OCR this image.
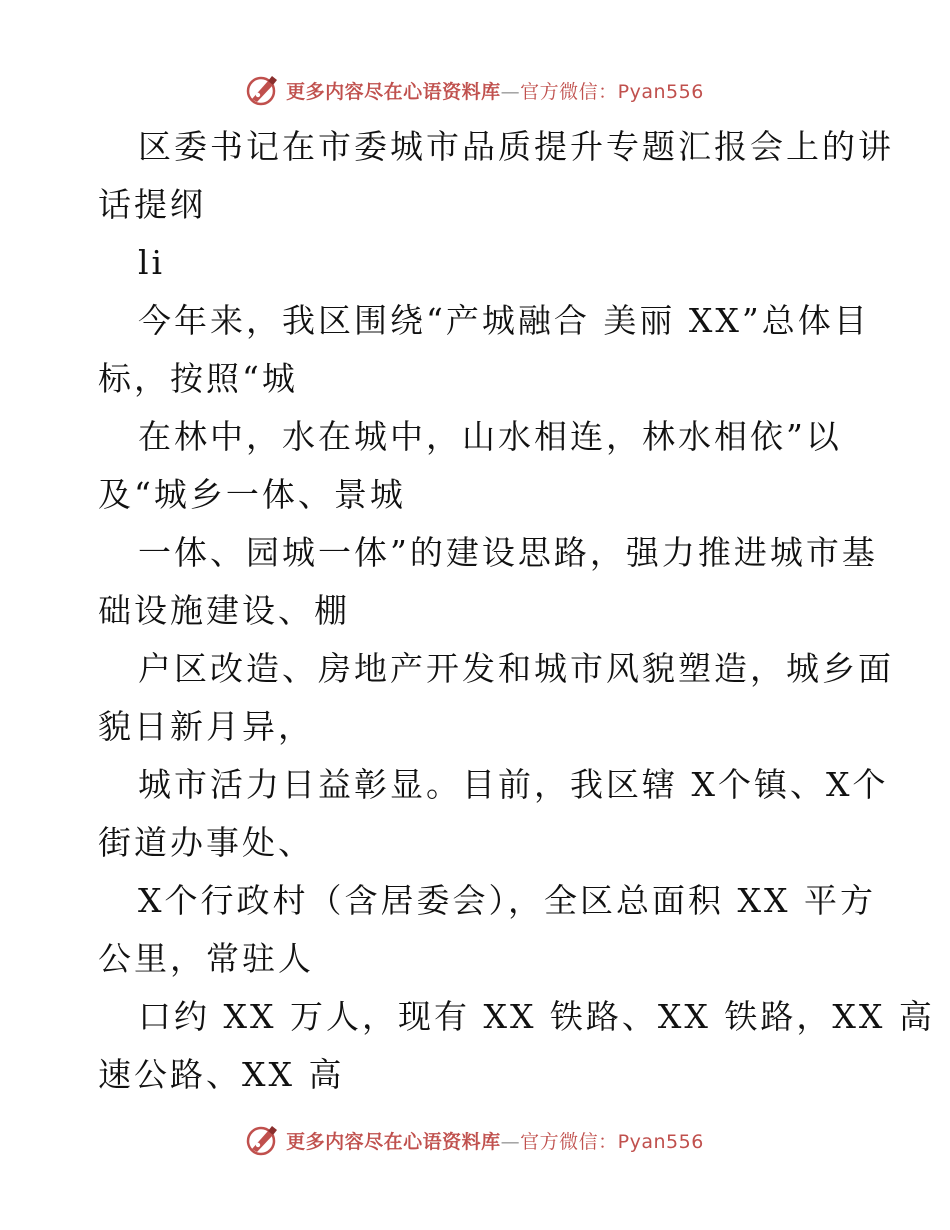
更多内容尽在心语资料库—官方微信：Pyan556

区委书记在市委城市品质提升专题汇报会上的讲
话提纲
li
今年来，我区围绕“产城融合 美丽 XX”总体目
标，按照“城
在林中，水在城中，山水相连，林水相依”以
及“城乡一体、景城
一体、园城一体”的建设思路，强力推进城市基
础设施建设、棚
户区改造、房地产开发和城市风貌塑造，城乡面
貌日新月异，
城市活力日益彰显。目前，我区辖 X个镇、X个
街道办事处、
X个行政村（含居委会），全区总面积 XX 平方
公里，常驻人
口约 XX 万人，现有 XX 铁路、XX 铁路，XX 高
速公路、XX 高

更多内容尽在心语资料库—官方微信：Pyan556
